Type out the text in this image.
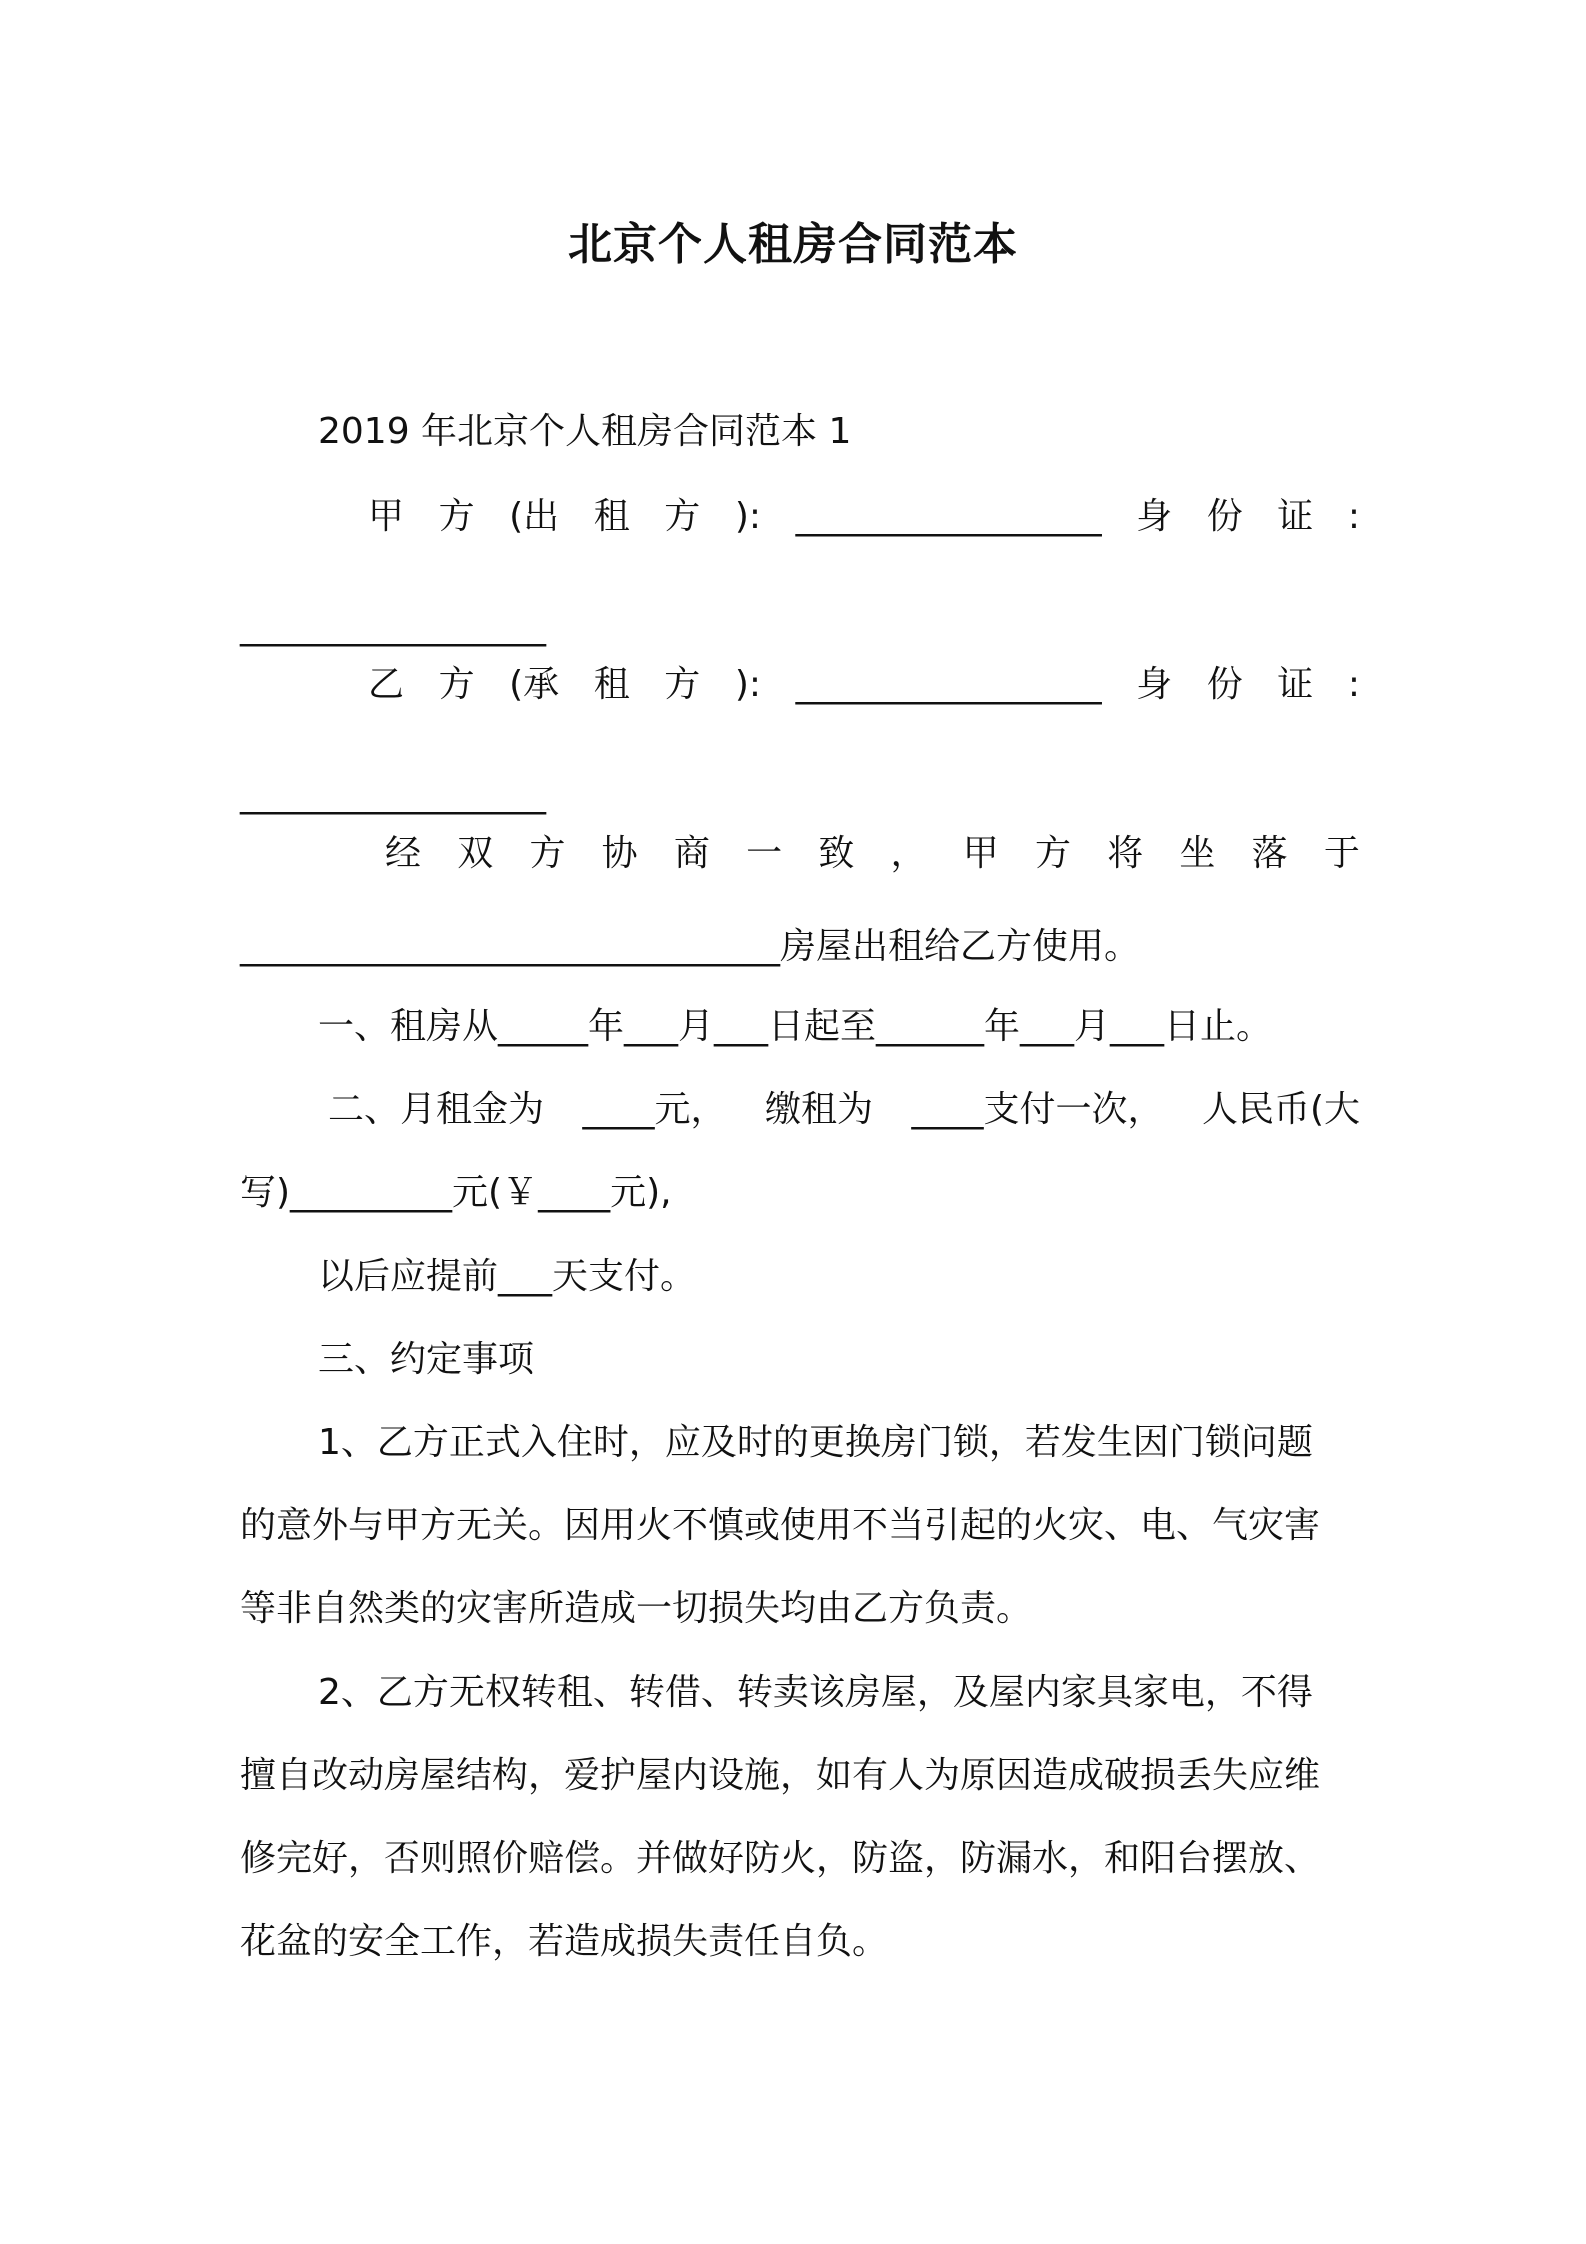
北京个人租房合同范本
2019 年北京个人租房合同范本 1
甲 方 (出 租 方 ): _________________ 身 份 证 :
_________________
乙 方 (承 租 方 ): _________________ 身 份 证 :
_________________
经 双 方 协 商 一 致 ， 甲 方 将 坐 落 于
______________________________房屋出租给乙方使用。
一、租房从_____年___月___日起至______年___月___日止。
二、月租金为 ____元， 缴租为 ____支付一次， 人民币(大
写)_________元(￥____元),
以后应提前___天支付。
三、约定事项
1、乙方正式入住时，应及时的更换房门锁，若发生因门锁问题
的意外与甲方无关。因用火不慎或使用不当引起的火灾、电、气灾害
等非自然类的灾害所造成一切损失均由乙方负责。
2、乙方无权转租、转借、转卖该房屋，及屋内家具家电，不得
擅自改动房屋结构，爱护屋内设施，如有人为原因造成破损丢失应维
修完好，否则照价赔偿。并做好防火，防盗，防漏水，和阳台摆放、
花盆的安全工作，若造成损失责任自负。
